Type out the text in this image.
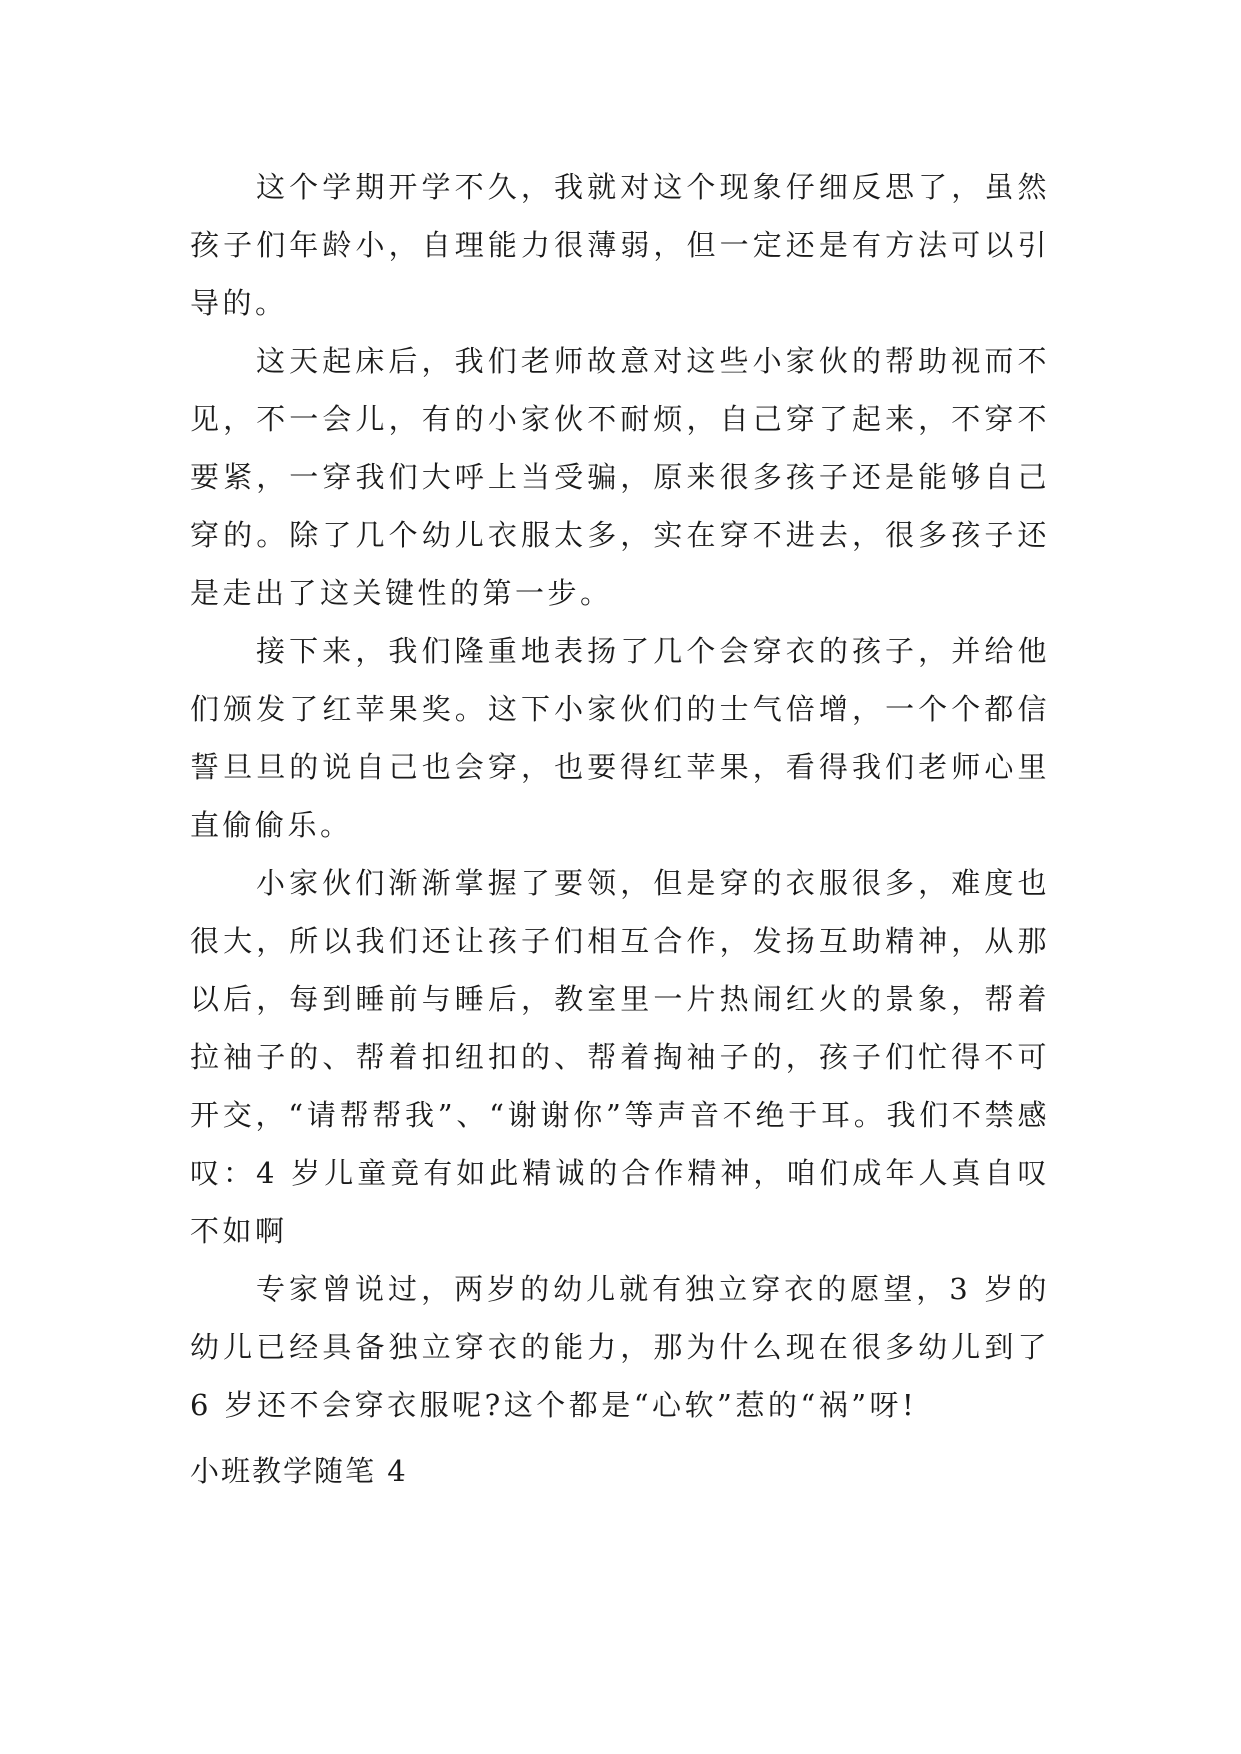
这个学期开学不久，我就对这个现象仔细反思了，虽然孩子们年龄小，自理能力很薄弱，但一定还是有方法可以引导的。

这天起床后，我们老师故意对这些小家伙的帮助视而不见，不一会儿，有的小家伙不耐烦，自己穿了起来，不穿不要紧，一穿我们大呼上当受骗，原来很多孩子还是能够自己穿的。除了几个幼儿衣服太多，实在穿不进去，很多孩子还是走出了这关键性的第一步。

接下来，我们隆重地表扬了几个会穿衣的孩子，并给他们颁发了红苹果奖。这下小家伙们的士气倍增，一个个都信誓旦旦的说自己也会穿，也要得红苹果，看得我们老师心里直偷偷乐。

小家伙们渐渐掌握了要领，但是穿的衣服很多，难度也很大，所以我们还让孩子们相互合作，发扬互助精神，从那以后，每到睡前与睡后，教室里一片热闹红火的景象，帮着拉袖子的、帮着扣纽扣的、帮着掏袖子的，孩子们忙得不可开交，“请帮帮我”、“谢谢你”等声音不绝于耳。我们不禁感叹：4 岁儿童竟有如此精诚的合作精神，咱们成年人真自叹不如啊

专家曾说过，两岁的幼儿就有独立穿衣的愿望，3 岁的幼儿已经具备独立穿衣的能力，那为什么现在很多幼儿到了 6 岁还不会穿衣服呢?这个都是“心软”惹的“祸”呀!

小班教学随笔 4
